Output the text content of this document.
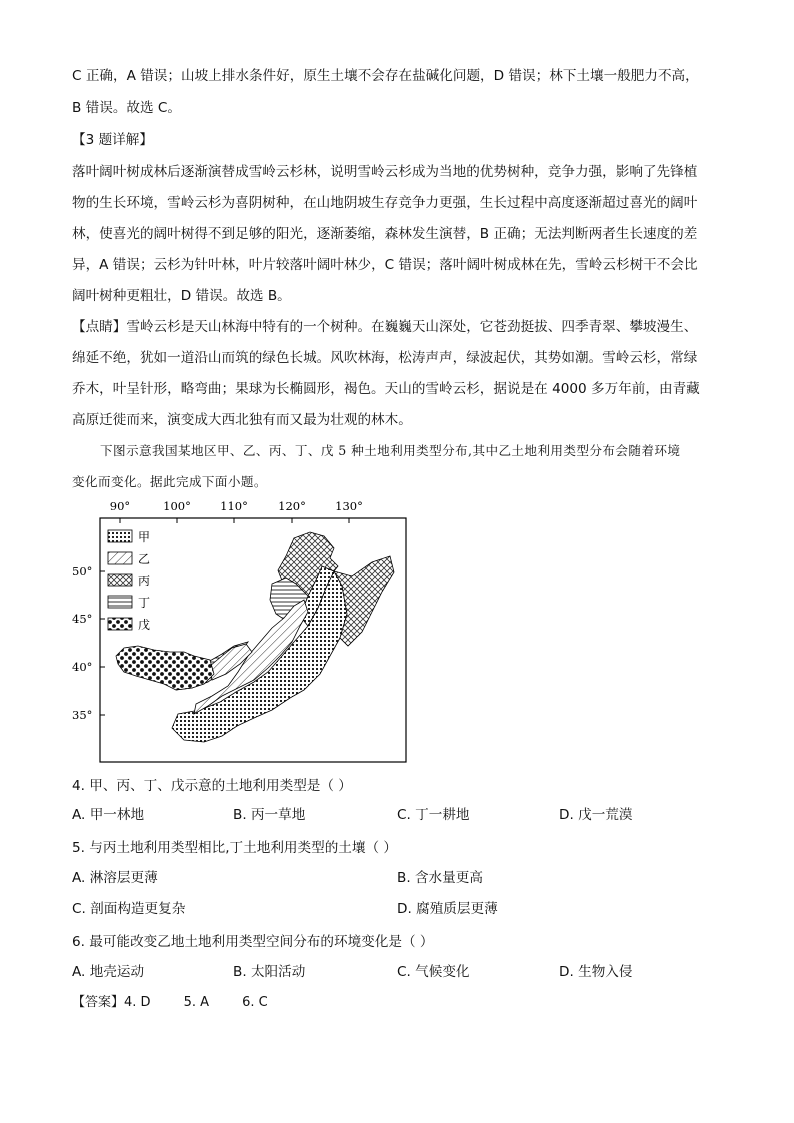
C 正确，A 错误；山坡上排水条件好，原生土壤不会存在盐碱化问题，D 错误；林下土壤一般肥力不高，

B 错误。故选 C。

【3 题详解】

落叶阔叶树成林后逐渐演替成雪岭云杉林，说明雪岭云杉成为当地的优势树种，竞争力强，影响了先锋植

物的生长环境，雪岭云杉为喜阴树种，在山地阴坡生存竞争力更强，生长过程中高度逐渐超过喜光的阔叶

林，使喜光的阔叶树得不到足够的阳光，逐渐萎缩，森林发生演替，B 正确；无法判断两者生长速度的差

异，A 错误；云杉为针叶林，叶片较落叶阔叶林少，C 错误；落叶阔叶树成林在先，雪岭云杉树干不会比

阔叶树种更粗壮，D 错误。故选 B。

【点睛】雪岭云杉是天山林海中特有的一个树种。在巍巍天山深处，它苍劲挺拔、四季青翠、攀坡漫生、

绵延不绝，犹如一道沿山而筑的绿色长城。风吹林海，松涛声声，绿波起伏，其势如潮。雪岭云杉，常绿

乔木，叶呈针形，略弯曲；果球为长椭圆形，褐色。天山的雪岭云杉，据说是在 4000 多万年前，由青藏

高原迁徙而来，演变成大西北独有而又最为壮观的林木。

下图示意我国某地区甲、乙、丙、丁、戊 5 种土地利用类型分布,其中乙土地利用类型分布会随着环境

变化而变化。据此完成下面小题。

90°	100°	110°	120°	130°
50°
45°
40°
35°
甲
乙
丙
丁
戊

4. 甲、丙、丁、戊示意的土地利用类型是（ ）

A. 甲一林地	B. 丙一草地	C. 丁一耕地	D. 戊一荒漠

5. 与丙土地利用类型相比,丁土地利用类型的土壤（ ）

A. 淋溶层更薄	B. 含水量更高
C. 剖面构造更复杂	D. 腐殖质层更薄

6. 最可能改变乙地土地利用类型空间分布的环境变化是（ ）

A. 地壳运动	B. 太阳活动	C. 气候变化	D. 生物入侵

【答案】4. D        5. A        6. C
